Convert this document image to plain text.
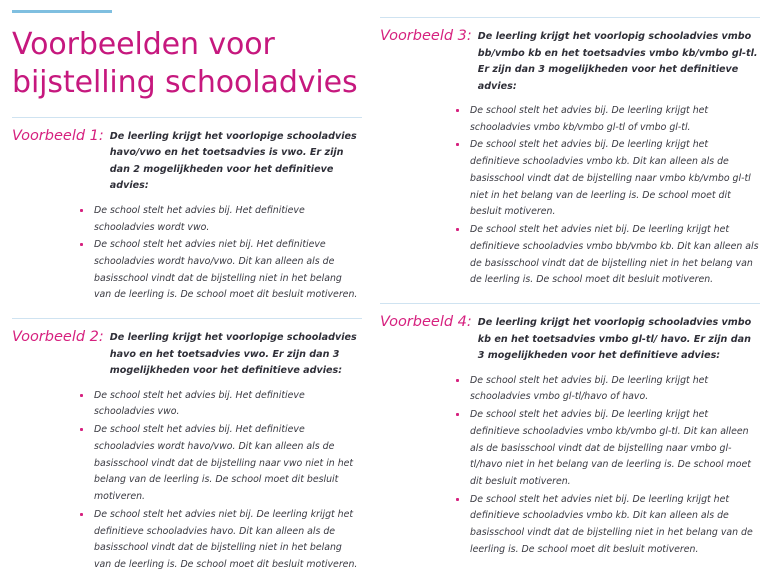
Voorbeelden voor bijstelling schooladvies
Voorbeeld 1: De leerling krijgt het voorlopige schooladvies havo/vwo en het toetsadvies is vwo. Er zijn dan 2 mogelijkheden voor het definitieve advies:
De school stelt het advies bij. Het definitieve schooladvies wordt vwo.
De school stelt het advies niet bij. Het definitieve schooladvies wordt havo/vwo. Dit kan alleen als de basisschool vindt dat de bijstelling niet in het belang van de leerling is. De school moet dit besluit motiveren.
Voorbeeld 2: De leerling krijgt het voorlopige schooladvies havo en het toetsadvies vwo. Er zijn dan 3 mogelijkheden voor het definitieve advies:
De school stelt het advies bij. Het definitieve schooladvies vwo.
De school stelt het advies bij. Het definitieve schooladvies wordt havo/vwo. Dit kan alleen als de basisschool vindt dat de bijstelling naar vwo niet in het belang van de leerling is. De school moet dit besluit motiveren.
De school stelt het advies niet bij. De leerling krijgt het definitieve schooladvies havo. Dit kan alleen als de basisschool vindt dat de bijstelling niet in het belang van de leerling is. De school moet dit besluit motiveren.
Voorbeeld 3: De leerling krijgt het voorlopig schooladvies vmbo bb/vmbo kb en het toetsadvies vmbo kb/vmbo gl-tl. Er zijn dan 3 mogelijkheden voor het definitieve advies:
De school stelt het advies bij. De leerling krijgt het schooladvies vmbo kb/vmbo gl-tl of vmbo gl-tl.
De school stelt het advies bij. De leerling krijgt het definitieve schooladvies vmbo kb. Dit kan alleen als de basisschool vindt dat de bijstelling naar vmbo kb/vmbo gl-tl niet in het belang van de leerling is. De school moet dit besluit motiveren.
De school stelt het advies niet bij. De leerling krijgt het definitieve schooladvies vmbo bb/vmbo kb. Dit kan alleen als de basisschool vindt dat de bijstelling niet in het belang van de leerling is. De school moet dit besluit motiveren.
Voorbeeld 4: De leerling krijgt het voorlopig schooladvies vmbo kb en het toetsadvies vmbo gl-tl/ havo. Er zijn dan 3 mogelijkheden voor het definitieve advies:
De school stelt het advies bij. De leerling krijgt het schooladvies vmbo gl-tl/havo of havo.
De school stelt het advies bij. De leerling krijgt het definitieve schooladvies vmbo kb/vmbo gl-tl. Dit kan alleen als de basisschool vindt dat de bijstelling naar vmbo gl-tl/havo niet in het belang van de leerling is. De school moet dit besluit motiveren.
De school stelt het advies niet bij. De leerling krijgt het definitieve schooladvies vmbo kb. Dit kan alleen als de basisschool vindt dat de bijstelling niet in het belang van de leerling is. De school moet dit besluit motiveren.
